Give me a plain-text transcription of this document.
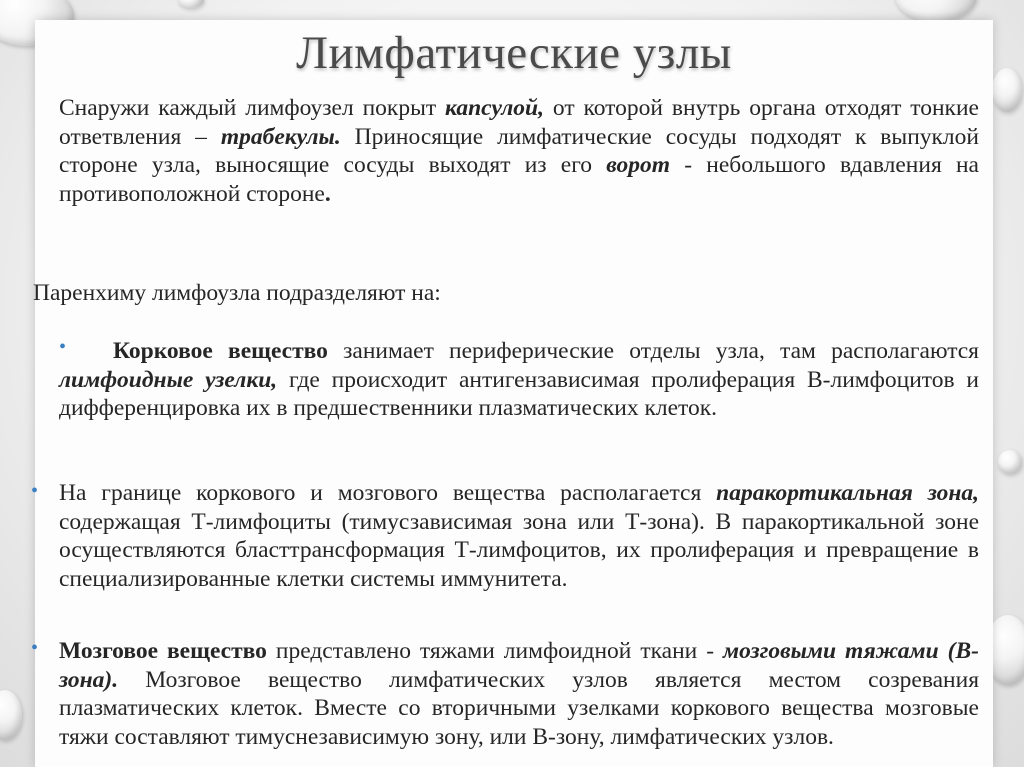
Лимфатические узлы
Снаружи каждый лимфоузел покрыт капсулой, от которой внутрь органа отходят тонкие ответвления – трабекулы. Приносящие лимфатические сосуды подходят к выпуклой стороне узла, выносящие сосуды выходят из его ворот - небольшого вдавления на противоположной стороне.
Паренхиму лимфоузла подразделяют на:
•	Корковое вещество занимает периферические отделы узла, там располагаются лимфоидные узелки, где происходит антигензависимая пролиферация В-лимфоцитов и дифференцировка их в предшественники плазматических клеток.
• На границе коркового и мозгового вещества располагается паракортикальная зона, содержащая Т-лимфоциты (тимусзависимая зона или Т-зона). В паракортикальной зоне осуществляются бласттрансформация Т-лимфоцитов, их пролиферация и превращение в специализированные клетки системы иммунитета.
• Мозговое вещество представлено тяжами лимфоидной ткани - мозговыми тяжами (В-зона). Мозговое вещество лимфатических узлов является местом созревания плазматических клеток. Вместе со вторичными узелками коркового вещества мозговые тяжи составляют тимуснезависимую зону, или В-зону, лимфатических узлов.
